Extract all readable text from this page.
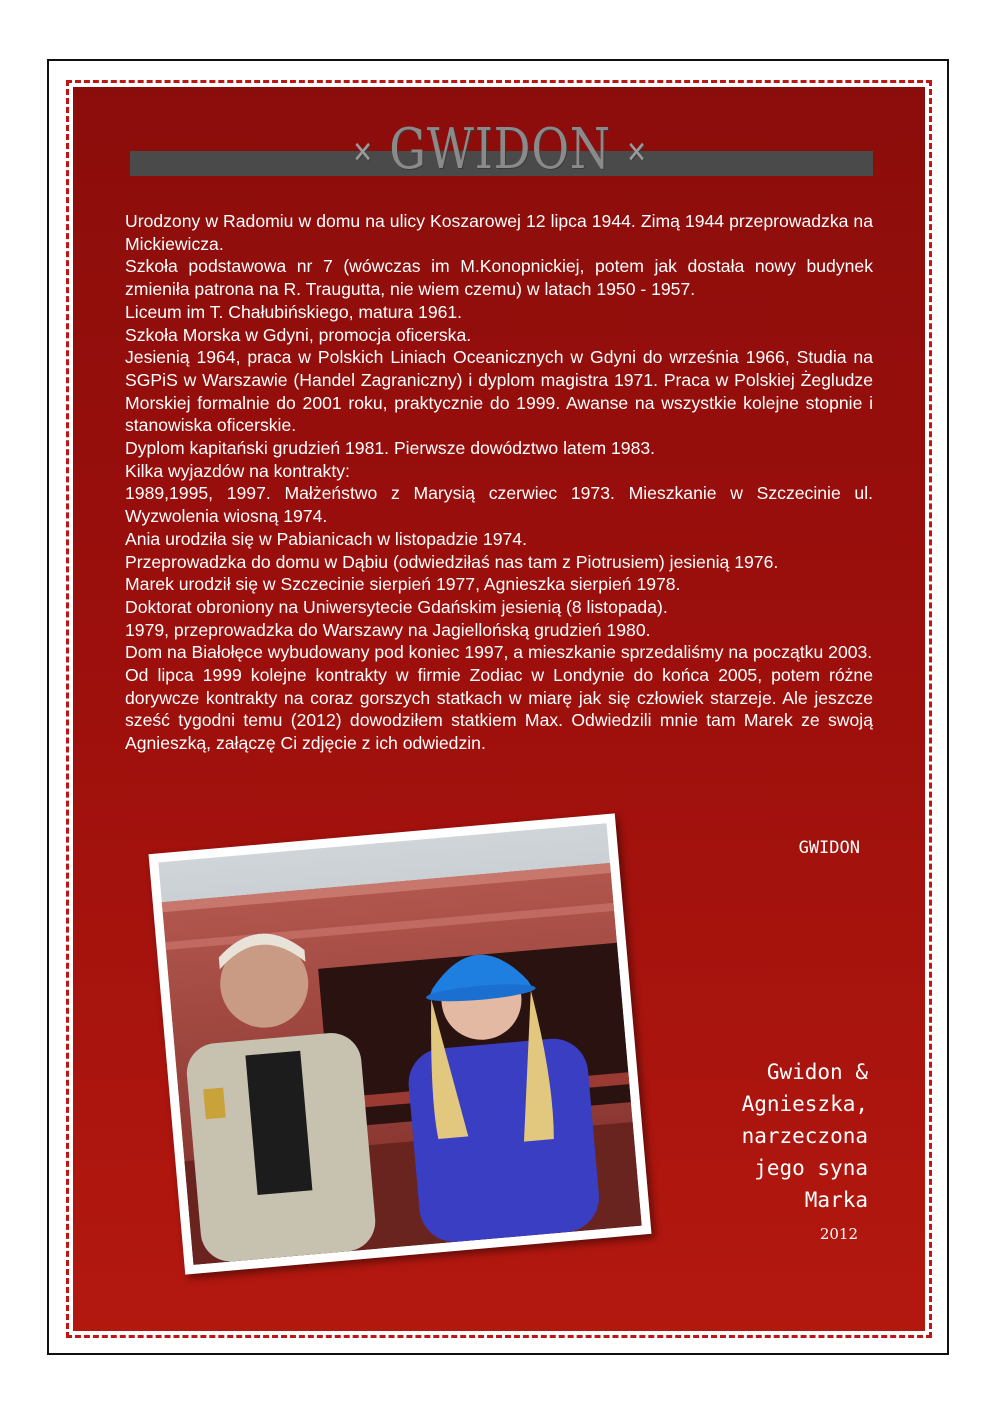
✕ GWIDON ✕

Urodzony w Radomiu w domu na ulicy Koszarowej 12 lipca 1944. Zimą 1944 przeprowadzka na Mickiewicza.

Szkoła podstawowa nr 7 (wówczas im M.Konopnickiej, potem jak dostała nowy budynek zmieniła patrona na R. Traugutta, nie wiem czemu) w latach 1950 - 1957.

Liceum im T. Chałubińskiego, matura 1961.

Szkoła Morska w Gdyni, promocja oficerska.

Jesienią 1964, praca w Polskich Liniach Oceanicznych w Gdyni do września 1966, Studia na SGPiS w Warszawie (Handel Zagraniczny) i dyplom magistra 1971. Praca w Polskiej Żegludze Morskiej formalnie do 2001 roku, praktycznie do 1999. Awanse na wszystkie kolejne stopnie i stanowiska oficerskie.

Dyplom kapitański grudzień 1981. Pierwsze dowództwo latem 1983.

Kilka wyjazdów na kontrakty:

1989,1995, 1997. Małżeństwo z Marysią czerwiec 1973. Mieszkanie w Szczecinie ul. Wyzwolenia wiosną 1974.

Ania urodziła się w Pabianicach w listopadzie 1974.

Przeprowadzka do domu w Dąbiu (odwiedziłaś nas tam z Piotrusiem) jesienią 1976.

Marek urodził się w Szczecinie sierpień 1977, Agnieszka sierpień 1978.

Doktorat obroniony na Uniwersytecie Gdańskim jesienią (8 listopada).

1979, przeprowadzka do Warszawy na Jagiellońską grudzień 1980.

Dom na Białołęce wybudowany pod koniec 1997, a mieszkanie sprzedaliśmy na początku 2003.

Od lipca 1999 kolejne kontrakty w firmie Zodiac w Londynie do końca 2005, potem różne dorywcze kontrakty na coraz gorszych statkach w miarę jak się człowiek starzeje. Ale jeszcze sześć tygodni temu (2012) dowodziłem statkiem Max. Odwiedzili mnie tam Marek ze swoją Agnieszką, załączę Ci zdjęcie z ich odwiedzin.

GWIDON
Gwidon &
Agnieszka,
narzeczona
jego syna
Marka
2012
